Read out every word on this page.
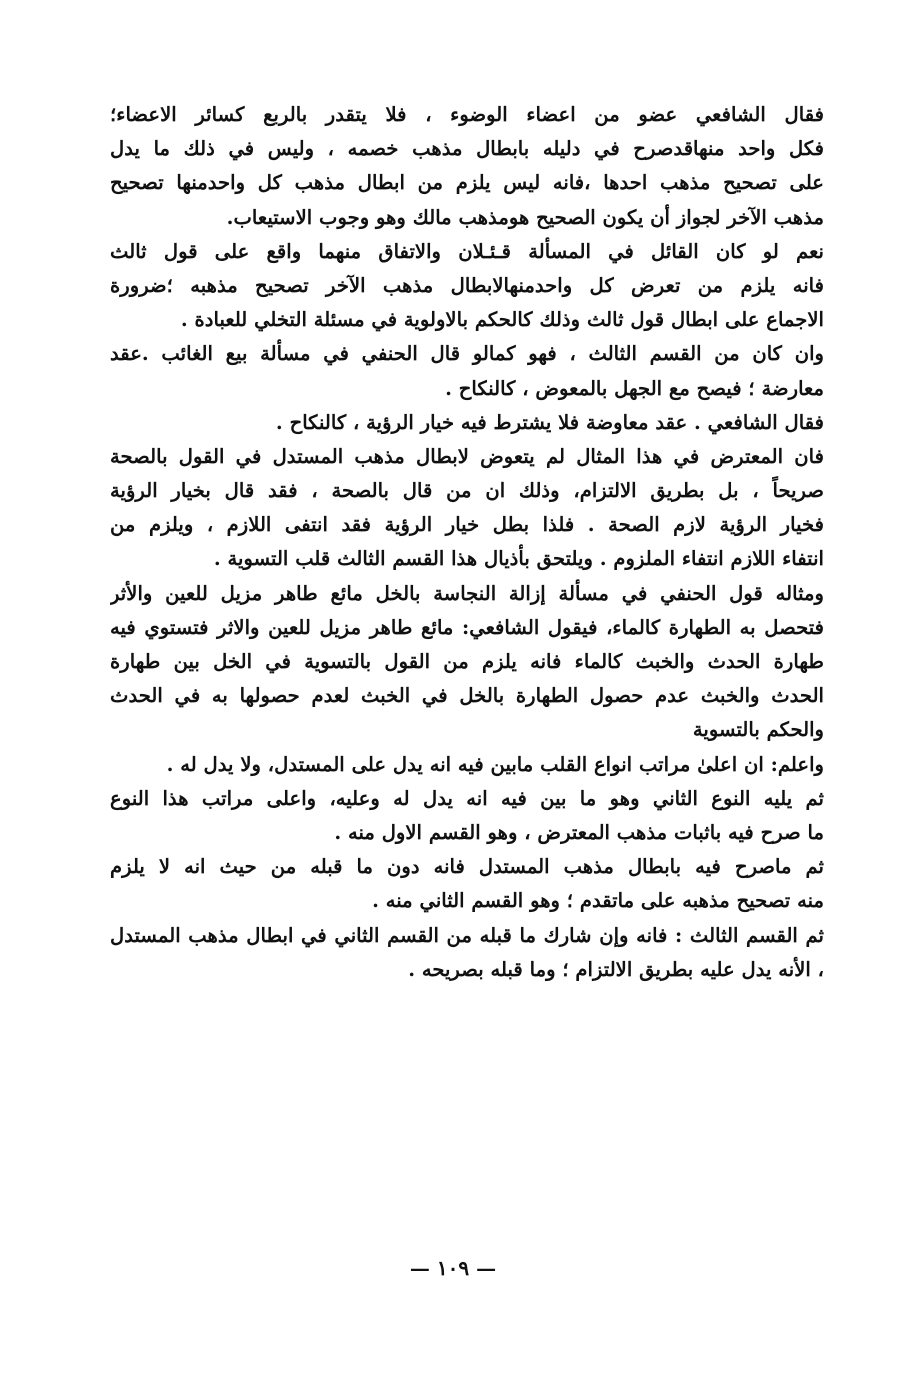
فقال الشافعي عضو من اعضاء الوضوء ، فلا يتقدر بالربع كسائر الاعضاء؛
فكل واحد منهاقدصرح في دليله بابطال مذهب خصمه ، وليس في ذلك ما يدل
على تصحيح مذهب احدها ،فانه ليس يلزم من ابطال مذهب كل واحدمنها تصحيح
مذهب الآخر لجواز أن يكون الصحيح هومذهب مالك وهو وجوب الاستيعاب.
نعم لو كان القائل في المسألة قـئـلان والاتفاق منهما واقع على قول ثالث
فانه يلزم من تعرض كل واحدمنهالابطال مذهب الآخر تصحيح مذهبه ؛ضرورة
الاجماع على ابطال قول ثالث وذلك كالحكم بالاولوية في مسئلة التخلي للعبادة .
وان كان من القسم الثالث ، فهو كمالو قال الحنفي في مسألة بيع الغائب .عقد
معارضة ؛ فيصح مع الجهل بالمعوض ، كالنكاح .
فقال الشافعي . عقد معاوضة فلا يشترط فيه خيار الرؤية ، كالنكاح .
فان المعترض في هذا المثال لم يتعوض لابطال مذهب المستدل في القول بالصحة
صريحاً ، بل بطريق الالتزام، وذلك ان من قال بالصحة ، فقد قال بخيار الرؤية
فخيار الرؤية لازم الصحة . فلذا بطل خيار الرؤية فقد انتفى اللازم ، ويلزم من
انتفاء اللازم انتفاء الملزوم . ويلتحق بأذيال هذا القسم الثالث قلب التسوية .
ومثاله قول الحنفي في مسألة إزالة النجاسة بالخل مائع طاهر مزيل للعين والأثر
فتحصل به الطهارة كالماء، فيقول الشافعي: مائع طاهر مزيل للعين والاثر فتستوي فيه
طهارة الحدث والخبث كالماء فانه يلزم من القول بالتسوية في الخل بين طهارة
الحدث والخبث عدم حصول الطهارة بالخل في الخبث لعدم حصولها به في الحدث
والحكم بالتسوية
واعلم: ان اعلىٰ مراتب انواع القلب مابين فيه انه يدل على المستدل، ولا يدل له .
ثم يليه النوع الثاني وهو ما بين فيه انه يدل له وعليه، واعلى مراتب هذا النوع
ما صرح فيه باثبات مذهب المعترض ، وهو القسم الاول منه .
ثم ماصرح فيه بابطال مذهب المستدل فانه دون ما قبله من حيث انه لا يلزم
منه تصحيح مذهبه على ماتقدم ؛ وهو القسم الثاني منه .
ثم القسم الثالث : فانه وإن شارك ما قبله من القسم الثاني في ابطال مذهب المستدل
، الأنه يدل عليه بطريق الالتزام ؛ وما قبله بصريحه .
— ١٠٩ —
